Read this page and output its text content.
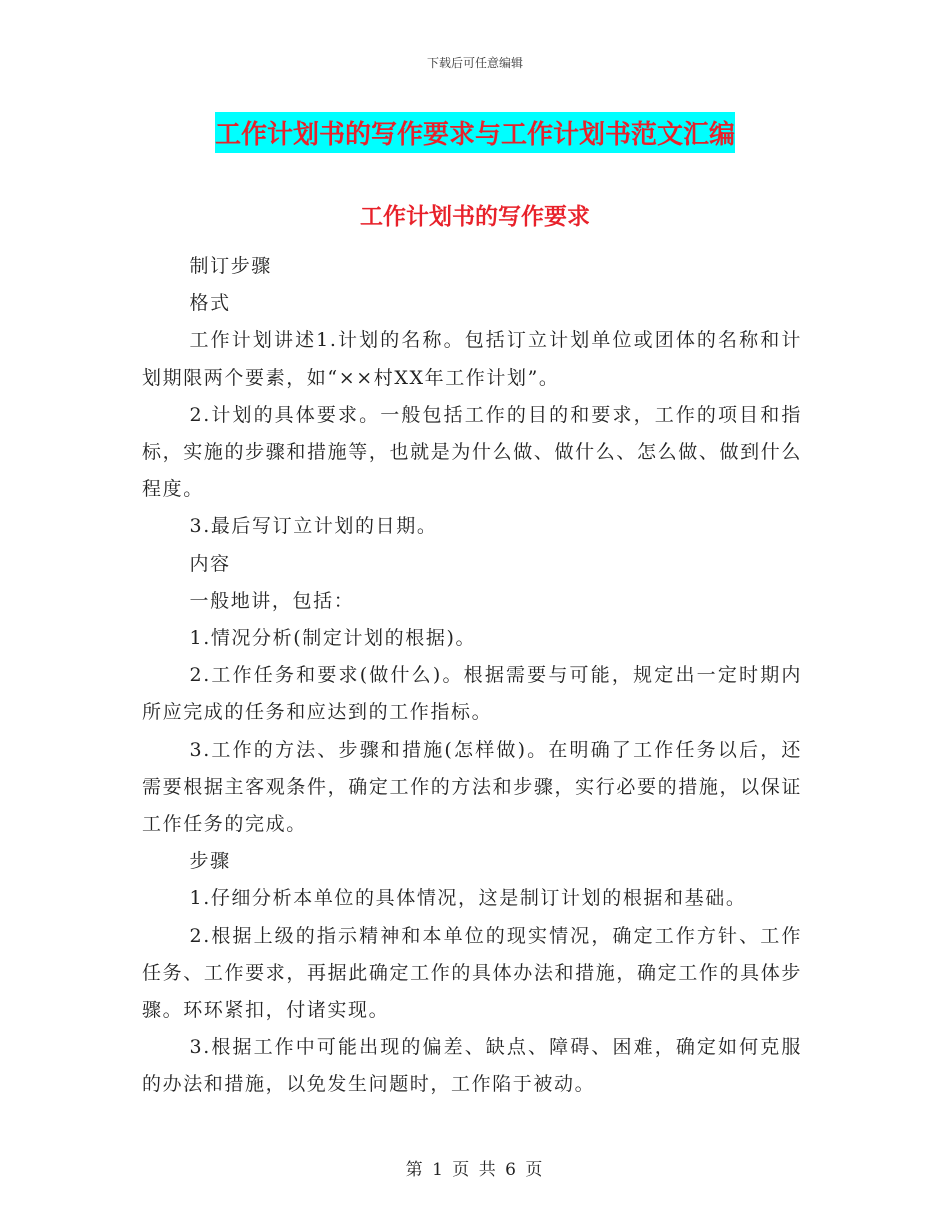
下载后可任意编辑
工作计划书的写作要求与工作计划书范文汇编
工作计划书的写作要求

制订步骤

格式

工作计划讲述1.计划的名称。包括订立计划单位或团体的名称和计划期限两个要素，如“××村XX年工作计划”。

2.计划的具体要求。一般包括工作的目的和要求，工作的项目和指标，实施的步骤和措施等，也就是为什么做、做什么、怎么做、做到什么程度。

3.最后写订立计划的日期。

内容

一般地讲，包括：

1.情况分析(制定计划的根据)。

2.工作任务和要求(做什么)。根据需要与可能，规定出一定时期内所应完成的任务和应达到的工作指标。

3.工作的方法、步骤和措施(怎样做)。在明确了工作任务以后，还需要根据主客观条件，确定工作的方法和步骤，实行必要的措施，以保证工作任务的完成。

步骤

1.仔细分析本单位的具体情况，这是制订计划的根据和基础。

2.根据上级的指示精神和本单位的现实情况，确定工作方针、工作任务、工作要求，再据此确定工作的具体办法和措施，确定工作的具体步骤。环环紧扣，付诸实现。

3.根据工作中可能出现的偏差、缺点、障碍、困难，确定如何克服的办法和措施，以免发生问题时，工作陷于被动。

第 1 页 共 6 页
